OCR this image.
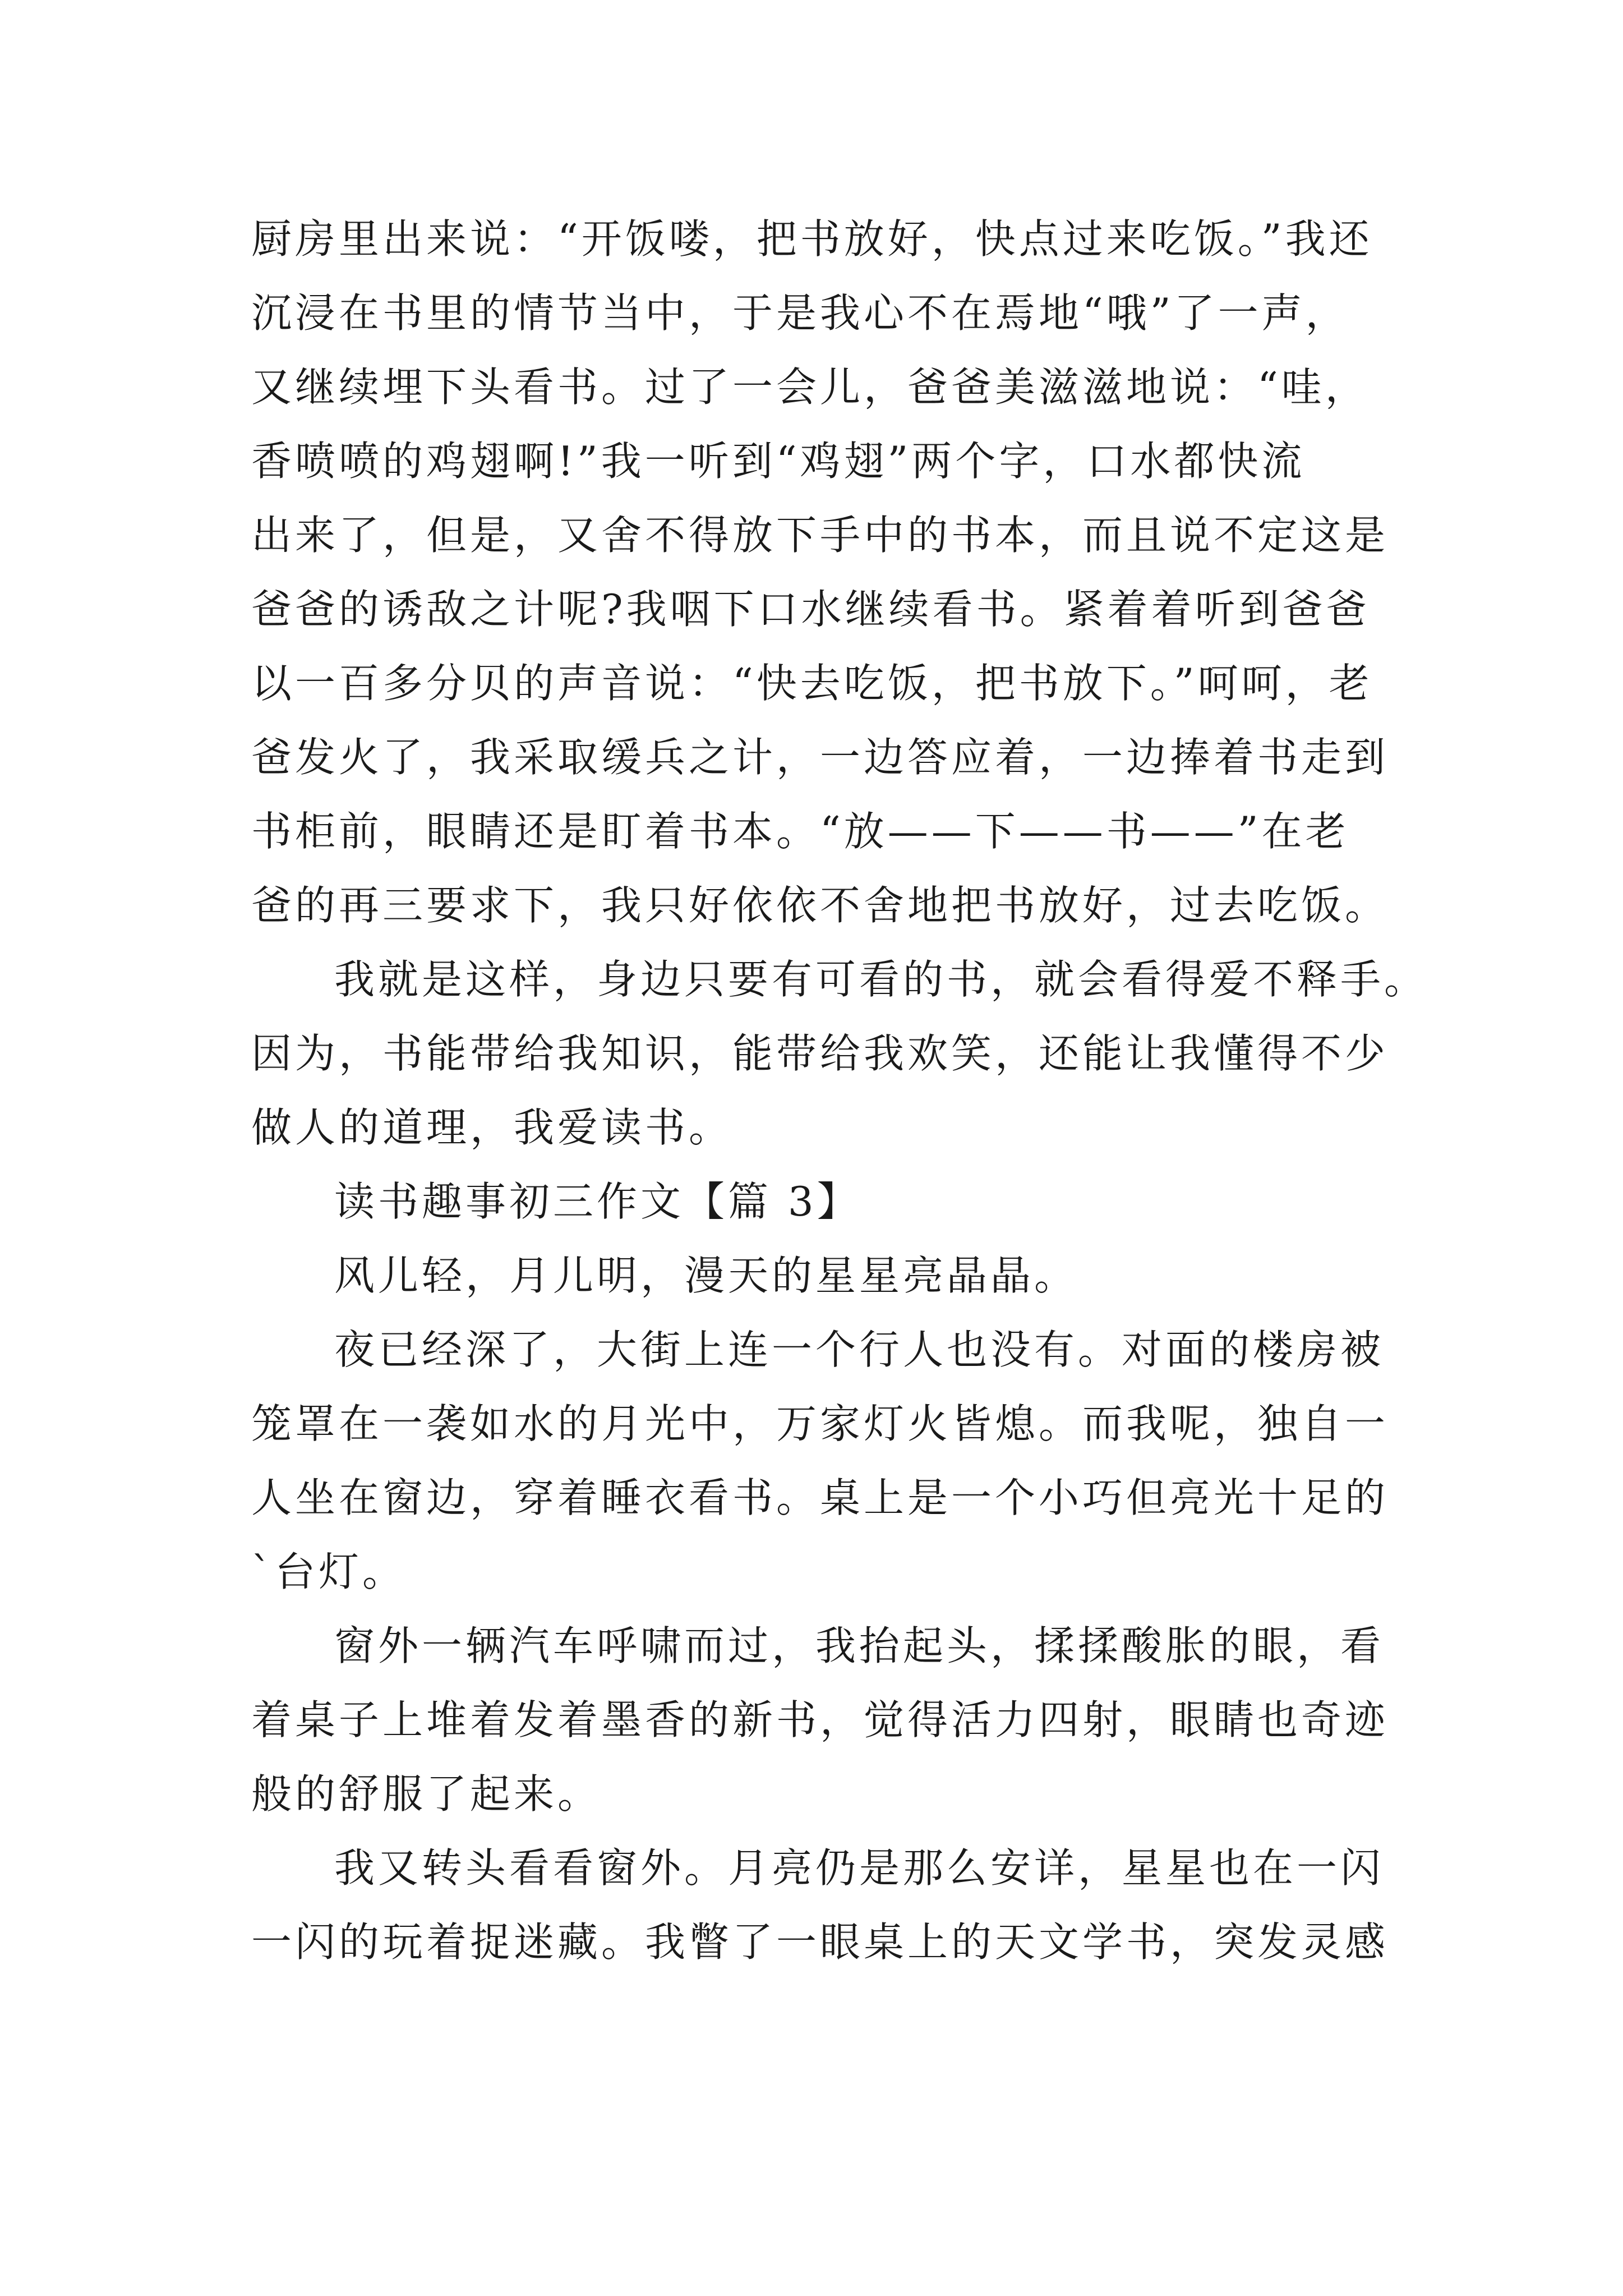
厨房里出来说：“开饭喽，把书放好，快点过来吃饭。”我还
沉浸在书里的情节当中，于是我心不在焉地“哦”了一声，
又继续埋下头看书。过了一会儿，爸爸美滋滋地说：“哇，
香喷喷的鸡翅啊!”我一听到“鸡翅”两个字，口水都快流
出来了，但是，又舍不得放下手中的书本，而且说不定这是
爸爸的诱敌之计呢?我咽下口水继续看书。紧着着听到爸爸
以一百多分贝的声音说：“快去吃饭，把书放下。”呵呵，老
爸发火了，我采取缓兵之计，一边答应着，一边捧着书走到
书柜前，眼睛还是盯着书本。“放——下——书——”在老
爸的再三要求下，我只好依依不舍地把书放好，过去吃饭。
我就是这样，身边只要有可看的书，就会看得爱不释手。
因为，书能带给我知识，能带给我欢笑，还能让我懂得不少
做人的道理，我爱读书。
读书趣事初三作文【篇 3】
风儿轻，月儿明，漫天的星星亮晶晶。
夜已经深了，大街上连一个行人也没有。对面的楼房被
笼罩在一袭如水的月光中，万家灯火皆熄。而我呢，独自一
人坐在窗边，穿着睡衣看书。桌上是一个小巧但亮光十足的
`台灯。
窗外一辆汽车呼啸而过，我抬起头，揉揉酸胀的眼，看
着桌子上堆着发着墨香的新书，觉得活力四射，眼睛也奇迹
般的舒服了起来。
我又转头看看窗外。月亮仍是那么安详，星星也在一闪
一闪的玩着捉迷藏。我瞥了一眼桌上的天文学书，突发灵感
